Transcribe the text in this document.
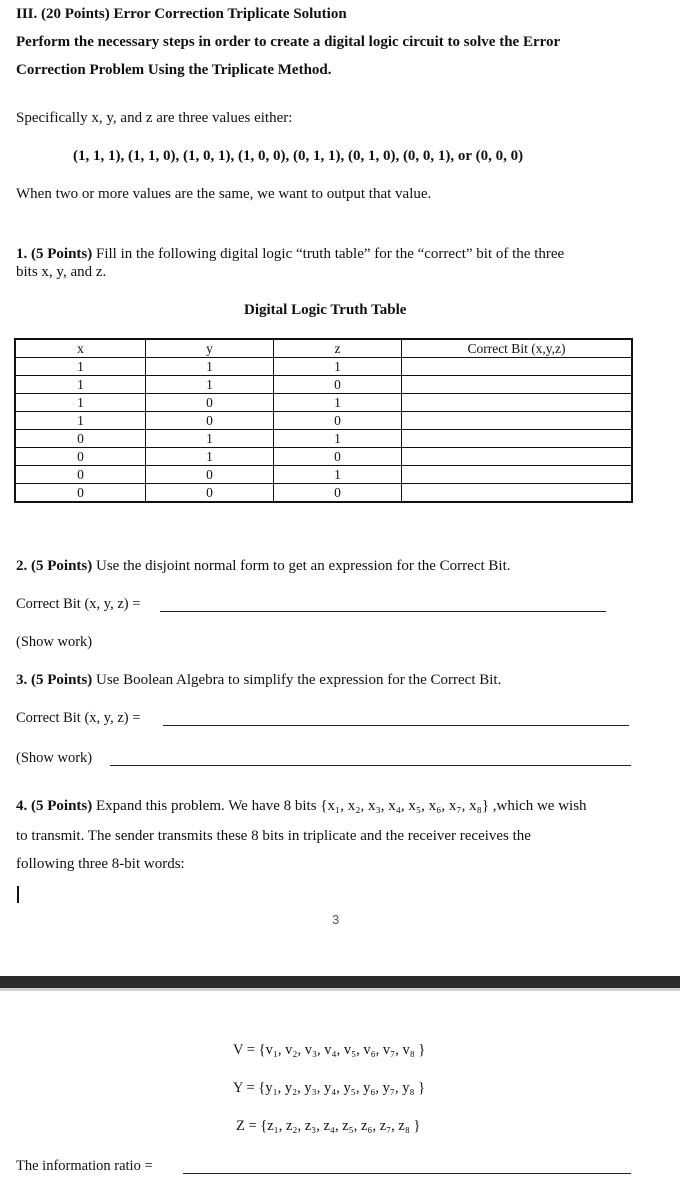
III. (20 Points) Error Correction Triplicate Solution
Perform the necessary steps in order to create a digital logic circuit to solve the Error
Correction Problem Using the Triplicate Method.
Specifically x, y, and z are three values either:
(1, 1, 1), (1, 1, 0), (1, 0, 1), (1, 0, 0), (0, 1, 1), (0, 1, 0), (0, 0, 1), or (0, 0, 0)
When two or more values are the same, we want to output that value.
1. (5 Points) Fill in the following digital logic “truth table” for the “correct” bit of the three
bits x, y, and z.
Digital Logic Truth Table
x	y	z	Correct Bit (x,y,z)
1	1	1	
1	1	0	
1	0	1	
1	0	0	
0	1	1	
0	1	0	
0	0	1	
0	0	0	
2. (5 Points) Use the disjoint normal form to get an expression for the Correct Bit.
Correct Bit (x, y, z) =
(Show work)
3. (5 Points) Use Boolean Algebra to simplify the expression for the Correct Bit.
Correct Bit (x, y, z) =
(Show work)
4. (5 Points) Expand this problem. We have 8 bits {x₁, x₂, x₃, x₄, x₅, x₆, x₇, x₈} ,which we wish
to transmit. The sender transmits these 8 bits in triplicate and the receiver receives the
following three 8-bit words:
3
V = {v₁, v₂, v₃, v₄, v₅, v₆, v₇, v₈ }
Y = {y₁, y₂, y₃, y₄, y₅, y₆, y₇, y₈ }
Z = {z₁, z₂, z₃, z₄, z₅, z₆, z₇, z₈ }
The information ratio =
